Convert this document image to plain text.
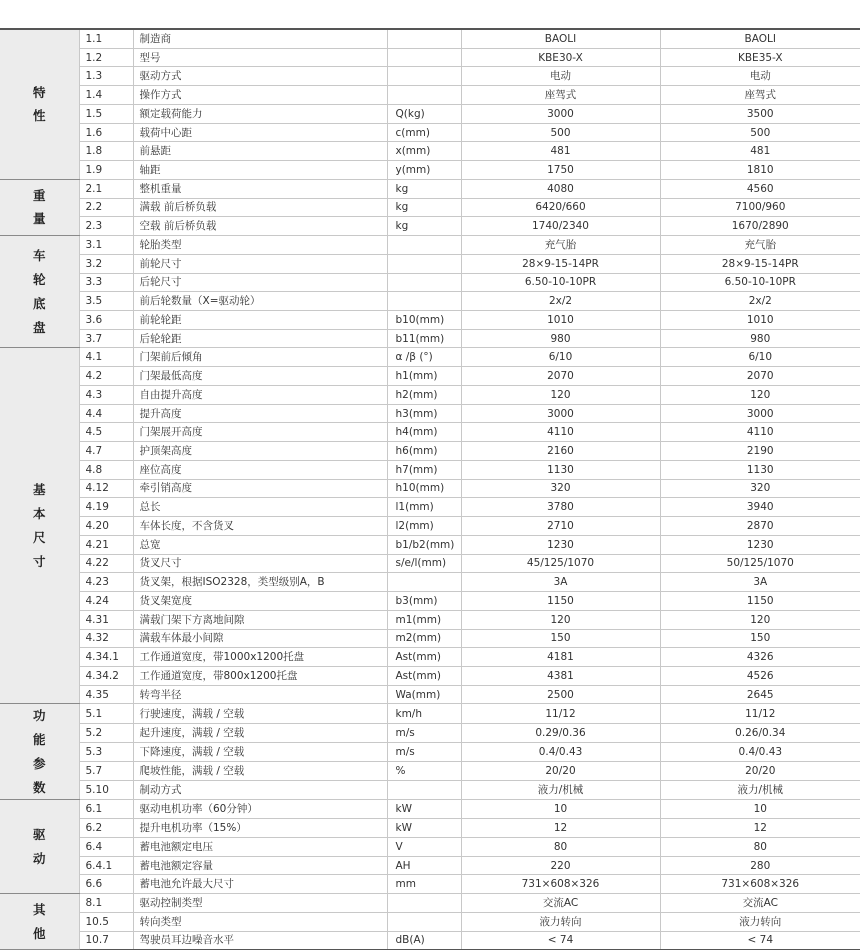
特
性	1.1	制造商		BAOLI	BAOLI
	1.2	型号		KBE30-X	KBE35-X
	1.3	驱动方式		电动	电动
	1.4	操作方式		座驾式	座驾式
	1.5	额定载荷能力	Q(kg)	3000	3500
	1.6	载荷中心距	c(mm)	500	500
	1.8	前悬距	x(mm)	481	481
	1.9	轴距	y(mm)	1750	1810

重
量	2.1	整机重量	kg	4080	4560
	2.2	满载 前后桥负载	kg	6420/660	7100/960
	2.3	空载 前后桥负载	kg	1740/2340	1670/2890

车
轮
底
盘	3.1	轮胎类型		充气胎	充气胎
	3.2	前轮尺寸		28×9-15-14PR	28×9-15-14PR
	3.3	后轮尺寸		6.50-10-10PR	6.50-10-10PR
	3.5	前后轮数量（X=驱动轮）		2x/2	2x/2
	3.6	前轮轮距	b10(mm)	1010	1010
	3.7	后轮轮距	b11(mm)	980	980

基
本
尺
寸	4.1	门架前后倾角	α /β (°)	6/10	6/10
	4.2	门架最低高度	h1(mm)	2070	2070
	4.3	自由提升高度	h2(mm)	120	120
	4.4	提升高度	h3(mm)	3000	3000
	4.5	门架展开高度	h4(mm)	4110	4110
	4.7	护顶架高度	h6(mm)	2160	2190
	4.8	座位高度	h7(mm)	1130	1130
	4.12	牵引销高度	h10(mm)	320	320
	4.19	总长	l1(mm)	3780	3940
	4.20	车体长度，不含货叉	l2(mm)	2710	2870
	4.21	总宽	b1/b2(mm)	1230	1230
	4.22	货叉尺寸	s/e/l(mm)	45/125/1070	50/125/1070
	4.23	货叉架，根据ISO2328，类型级别A，B		3A	3A
	4.24	货叉架宽度	b3(mm)	1150	1150
	4.31	满载门架下方离地间隙	m1(mm)	120	120
	4.32	满载车体最小间隙	m2(mm)	150	150
	4.34.1	工作通道宽度，带1000x1200托盘	Ast(mm)	4181	4326
	4.34.2	工作通道宽度，带800x1200托盘	Ast(mm)	4381	4526
	4.35	转弯半径	Wa(mm)	2500	2645

功
能
参
数	5.1	行驶速度，满载 / 空载	km/h	11/12	11/12
	5.2	起升速度，满载 / 空载	m/s	0.29/0.36	0.26/0.34
	5.3	下降速度，满载 / 空载	m/s	0.4/0.43	0.4/0.43
	5.7	爬坡性能，满载 / 空载	%	20/20	20/20
	5.10	制动方式		液力/机械	液力/机械

驱
动	6.1	驱动电机功率（60分钟）	kW	10	10
	6.2	提升电机功率（15%）	kW	12	12
	6.4	蓄电池额定电压	V	80	80
	6.4.1	蓄电池额定容量	AH	220	280
	6.6	蓄电池允许最大尺寸	mm	731×608×326	731×608×326

其
他	8.1	驱动控制类型		交流AC	交流AC
	10.5	转向类型		液力转向	液力转向
	10.7	驾驶员耳边噪音水平	dB(A)	< 74	< 74
